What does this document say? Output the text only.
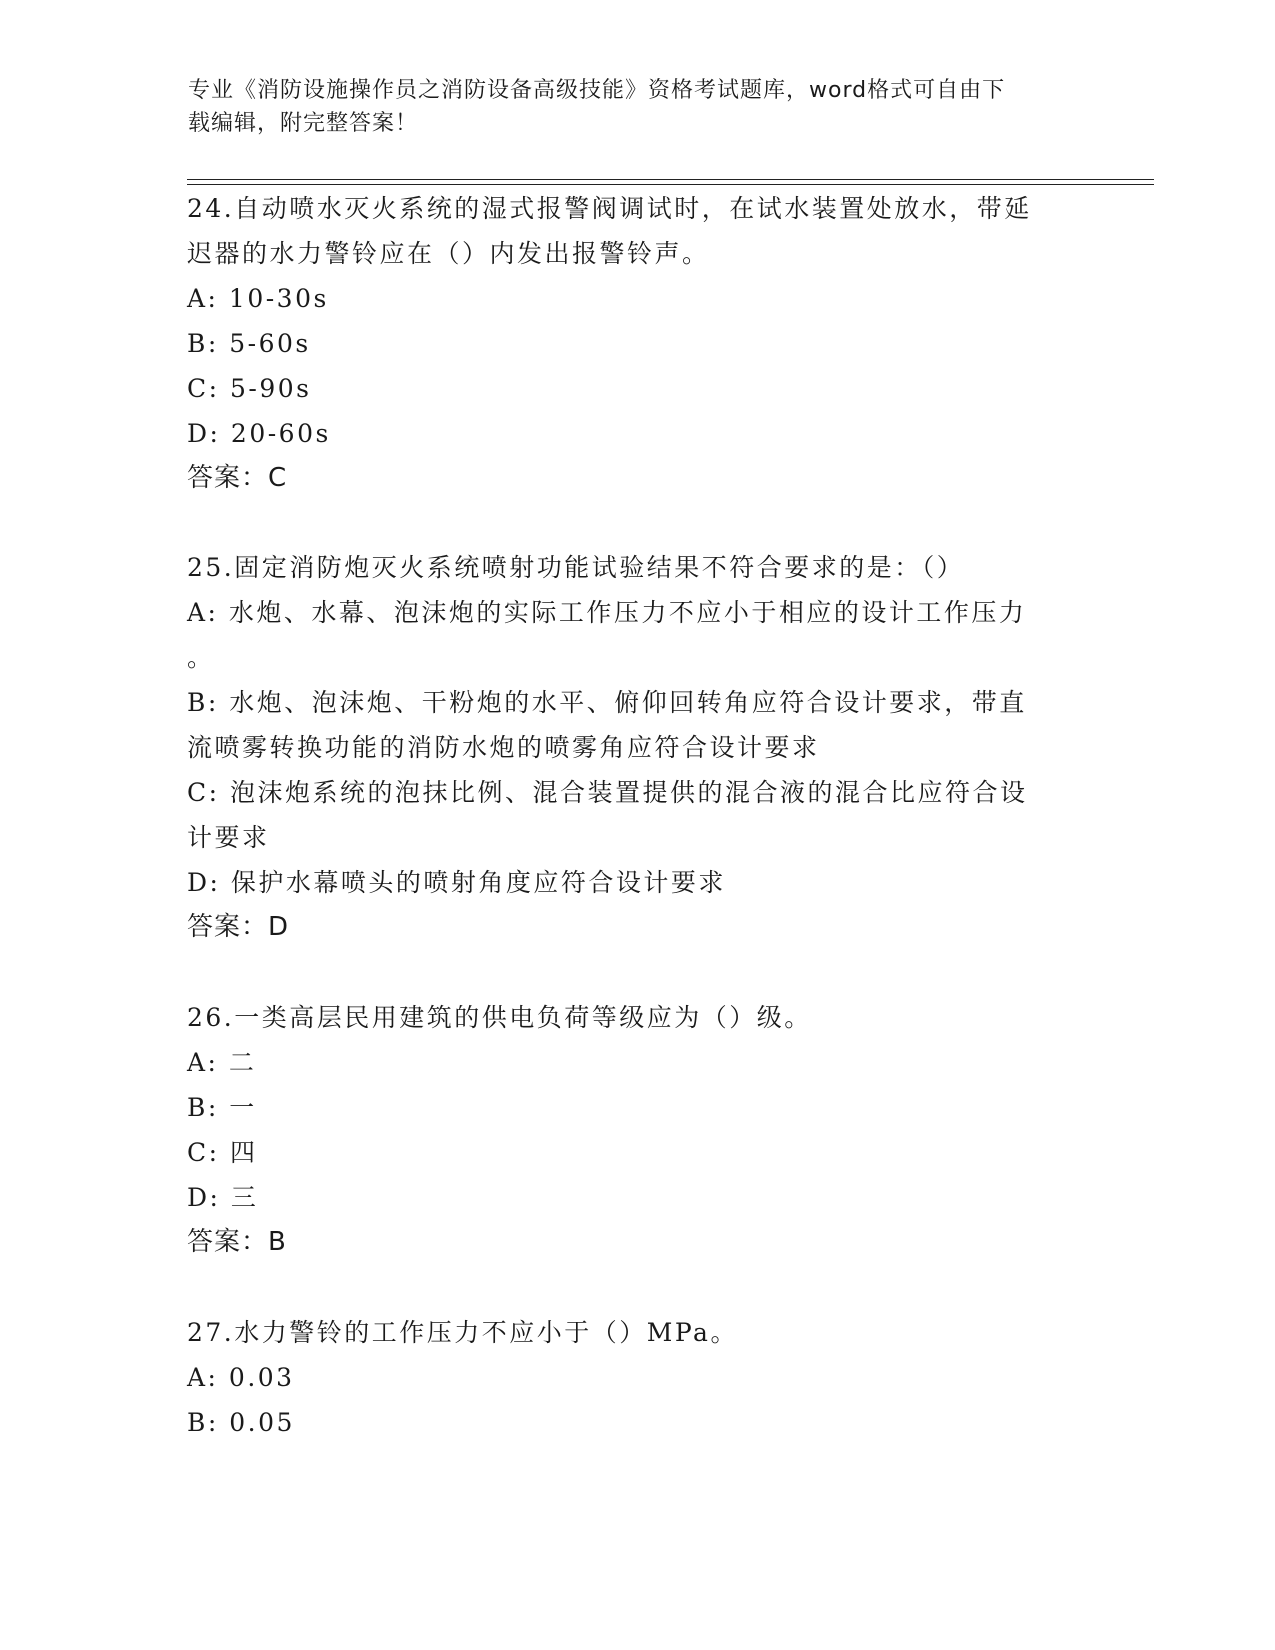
专业《消防设施操作员之消防设备高级技能》资格考试题库，word格式可自由下
载编辑，附完整答案！
24.自动喷水灭火系统的湿式报警阀调试时，在试水装置处放水，带延
迟器的水力警铃应在（）内发出报警铃声。
A: 10-30s
B: 5-60s
C: 5-90s
D: 20-60s
答案：C
25.固定消防炮灭火系统喷射功能试验结果不符合要求的是：（）
A: 水炮、水幕、泡沫炮的实际工作压力不应小于相应的设计工作压力
。
B: 水炮、泡沫炮、干粉炮的水平、俯仰回转角应符合设计要求，带直
流喷雾转换功能的消防水炮的喷雾角应符合设计要求
C: 泡沫炮系统的泡抹比例、混合装置提供的混合液的混合比应符合设
计要求
D: 保护水幕喷头的喷射角度应符合设计要求
答案：D
26.一类高层民用建筑的供电负荷等级应为（）级。
A: 二
B: 一
C: 四
D: 三
答案：B
27.水力警铃的工作压力不应小于（）MPa。
A: 0.03
B: 0.05
